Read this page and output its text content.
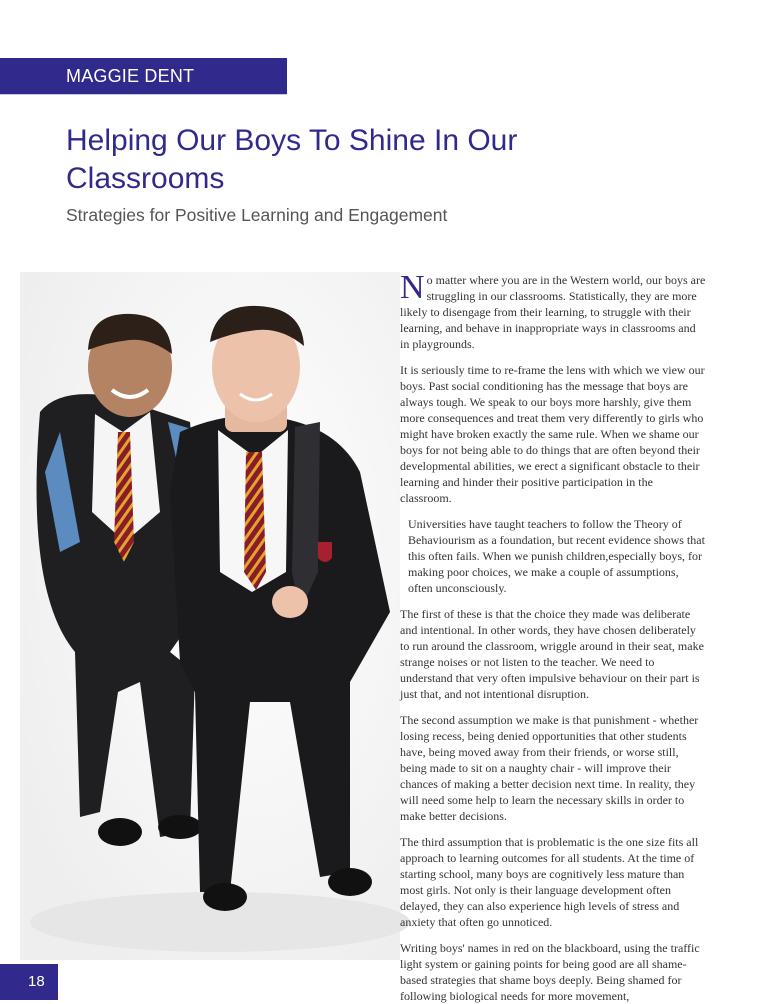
MAGGIE DENT
Helping Our Boys To Shine In Our Classrooms
Strategies for Positive Learning and Engagement

No matter where you are in the Western world, our boys are struggling in our classrooms. Statistically, they are more likely to disengage from their learning, to struggle with their learning, and behave in inappropriate ways in classrooms and in playgrounds.

It is seriously time to re-frame the lens with which we view our boys. Past social conditioning has the message that boys are always tough. We speak to our boys more harshly, give them more consequences and treat them very differently to girls who might have broken exactly the same rule. When we shame our boys for not being able to do things that are often beyond their developmental abilities, we erect a significant obstacle to their learning and hinder their positive participation in the classroom.

Universities have taught teachers to follow the Theory of Behaviourism as a foundation, but recent evidence shows that this often fails. When we punish children,especially boys, for making poor choices, we make a couple of assumptions, often unconsciously.

The first of these is that the choice they made was deliberate and intentional. In other words, they have chosen deliberately to run around the classroom, wriggle around in their seat, make strange noises or not listen to the teacher. We need to understand that very often impulsive behaviour on their part is just that, and not intentional disruption.

The second assumption we make is that punishment - whether losing recess, being denied opportunities that other students have, being moved away from their friends, or worse still, being made to sit on a naughty chair - will improve their chances of making a better decision next time. In reality, they will need some help to learn the necessary skills in order to make better decisions.

The third assumption that is problematic is the one size fits all approach to learning outcomes for all students. At the time of starting school, many boys are cognitively less mature than most girls. Not only is their language development often delayed, they can also experience high levels of stress and anxiety that often go unnoticed.

Writing boys' names in red on the blackboard, using the traffic light system or gaining points for being good are all shame-based strategies that shame boys deeply. Being shamed for following biological needs for more movement,

18
